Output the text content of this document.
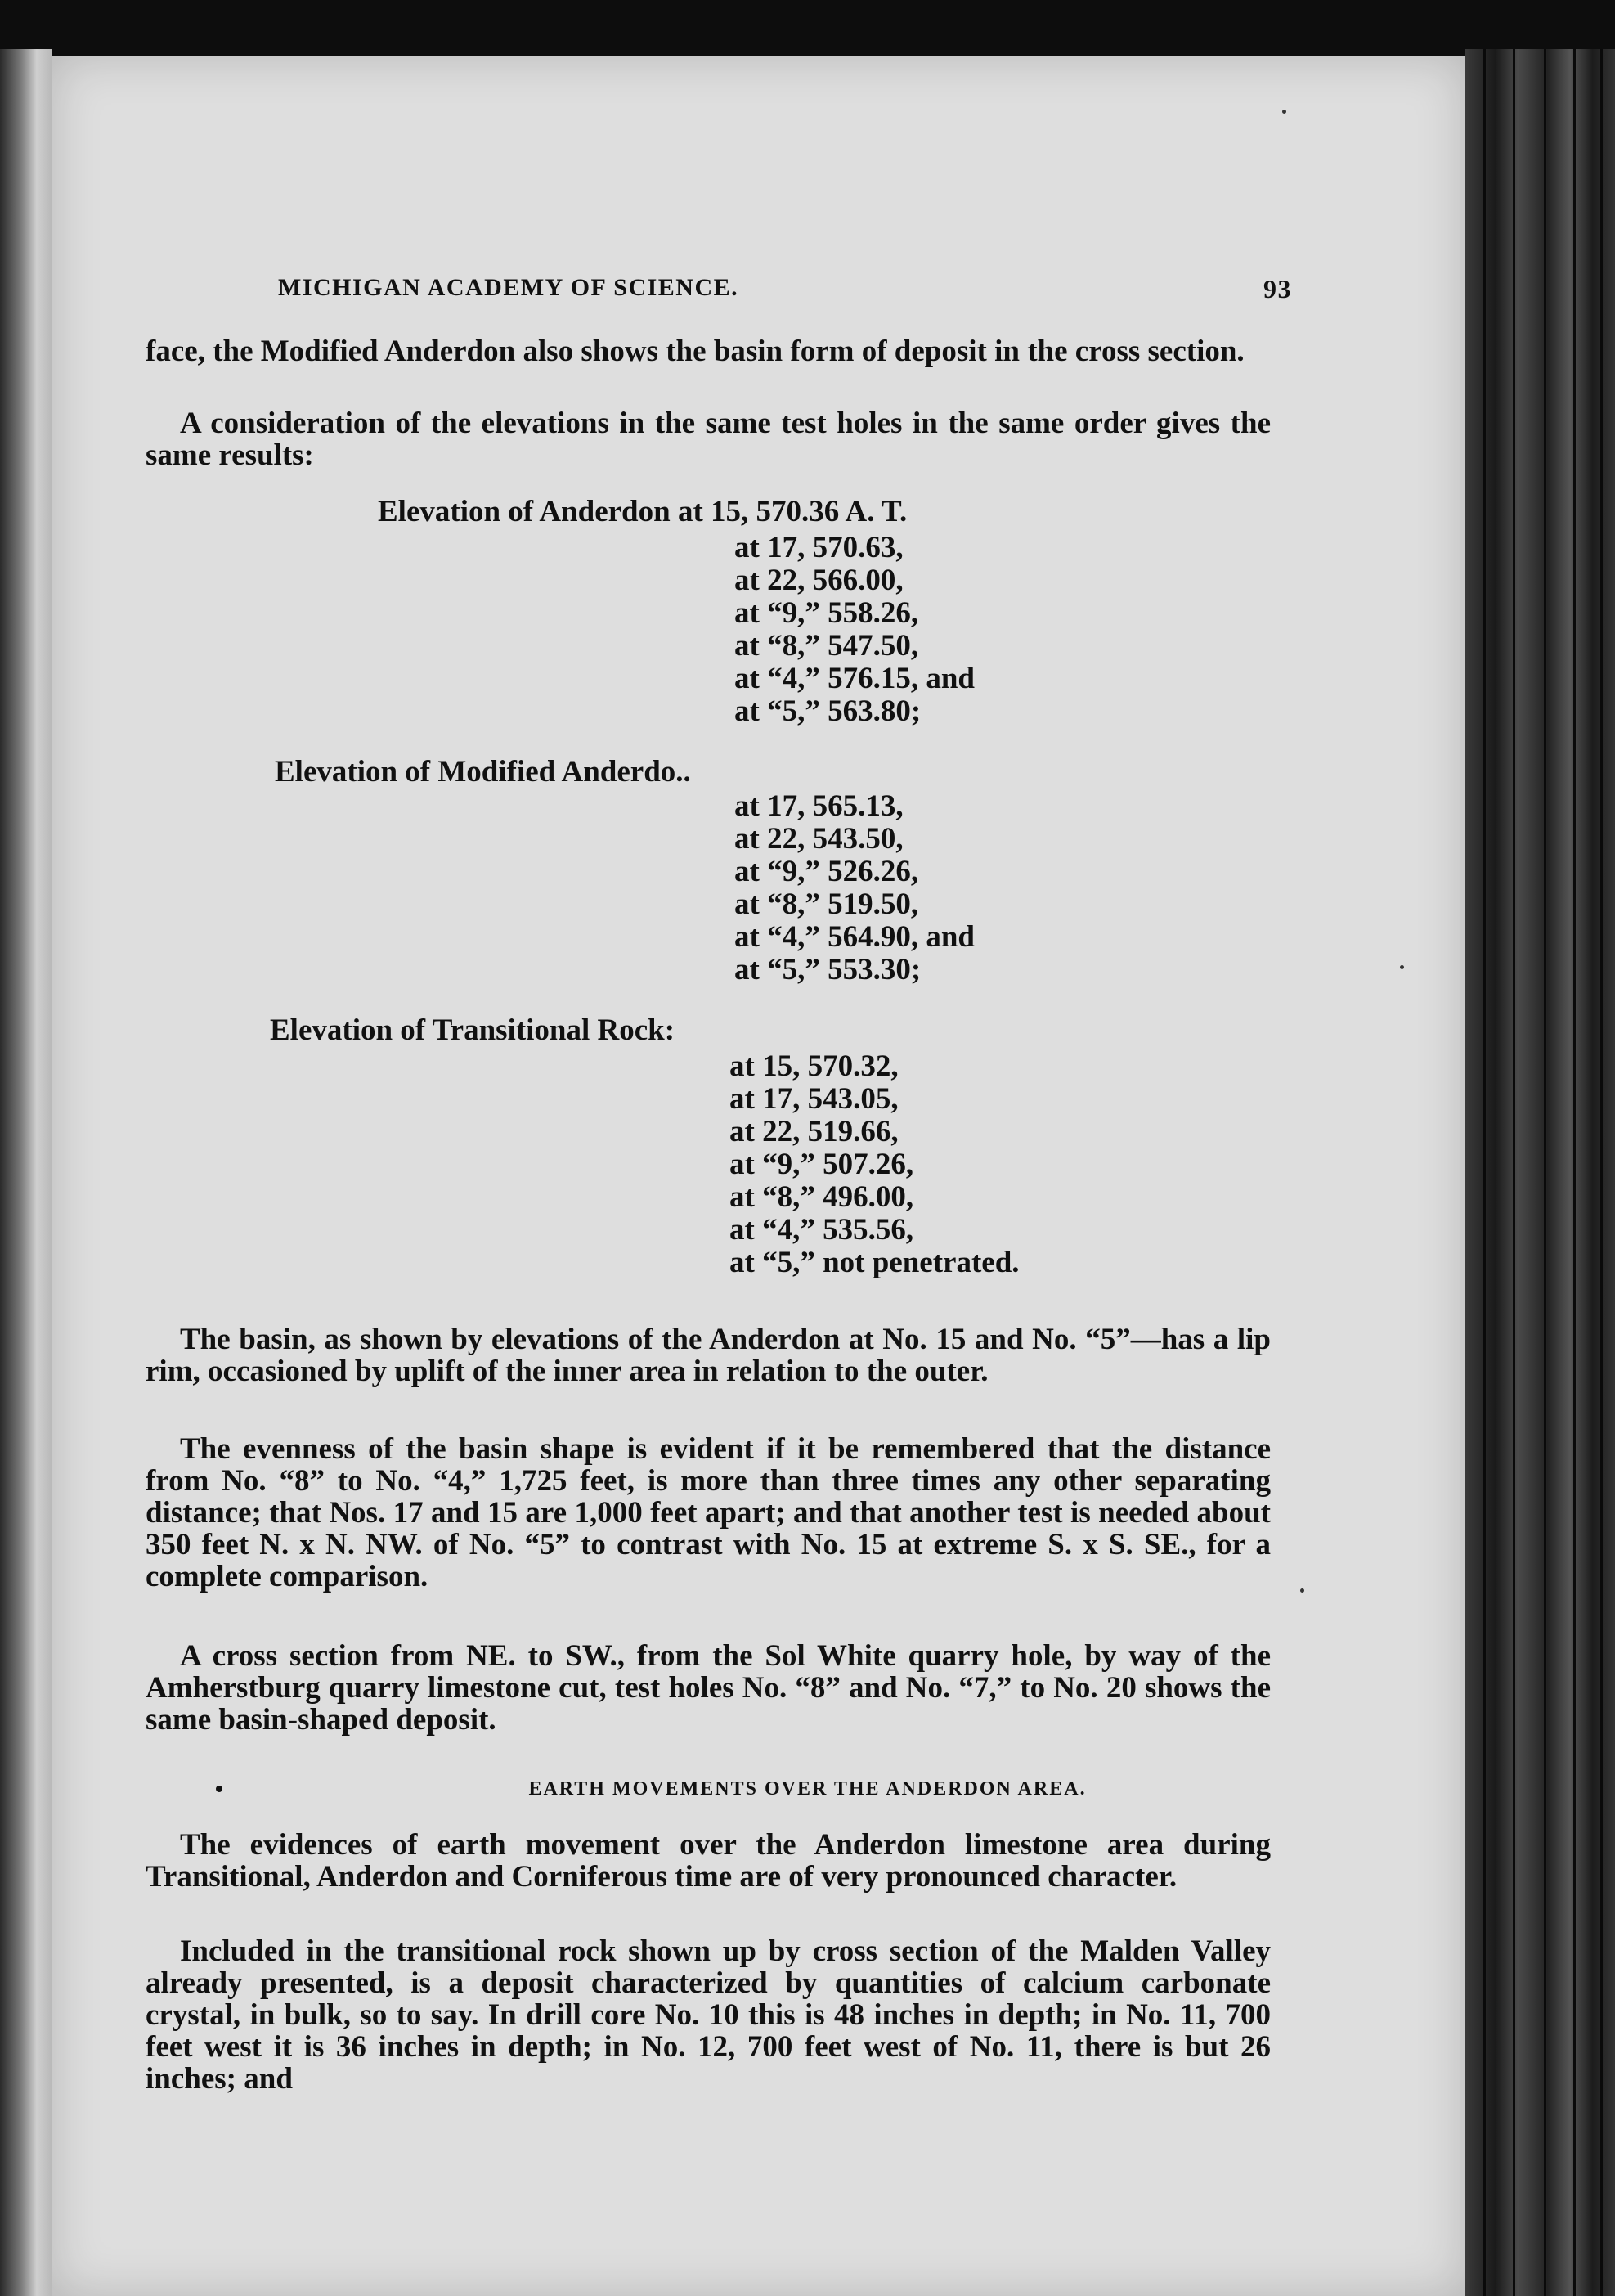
MICHIGAN ACADEMY OF SCIENCE.	93
face, the Modified Anderdon also shows the basin form of deposit in the cross section.
A consideration of the elevations in the same test holes in the same order gives the same results:
Elevation of Anderdon at 15, 570.36 A. T.
at 17, 570.63,
at 22, 566.00,
at “9,” 558.26,
at “8,” 547.50,
at “4,” 576.15, and
at “5,” 563.80;
Elevation of Modified Anderdo..
at 17, 565.13,
at 22, 543.50,
at “9,” 526.26,
at “8,” 519.50,
at “4,” 564.90, and
at “5,” 553.30;
Elevation of Transitional Rock:
at 15, 570.32,
at 17, 543.05,
at 22, 519.66,
at “9,” 507.26,
at “8,” 496.00,
at “4,” 535.56,
at “5,” not penetrated.
The basin, as shown by elevations of the Anderdon at No. 15 and No. “5”—has a lip rim, occasioned by uplift of the inner area in relation to the outer.
The evenness of the basin shape is evident if it be remembered that the distance from No. “8” to No. “4,” 1,725 feet, is more than three times any other separating distance; that Nos. 17 and 15 are 1,000 feet apart; and that another test is needed about 350 feet N. x N. NW. of No. “5” to contrast with No. 15 at extreme S. x S. SE., for a complete comparison.
A cross section from NE. to SW., from the Sol White quarry hole, by way of the Amherstburg quarry limestone cut, test holes No. “8” and No. “7,” to No. 20 shows the same basin-shaped deposit.
EARTH MOVEMENTS OVER THE ANDERDON AREA.
The evidences of earth movement over the Anderdon limestone area during Transitional, Anderdon and Corniferous time are of very pronounced character.
Included in the transitional rock shown up by cross section of the Malden Valley already presented, is a deposit characterized by quantities of calcium carbonate crystal, in bulk, so to say. In drill core No. 10 this is 48 inches in depth; in No. 11, 700 feet west it is 36 inches in depth; in No. 12, 700 feet west of No. 11, there is but 26 inches; and
